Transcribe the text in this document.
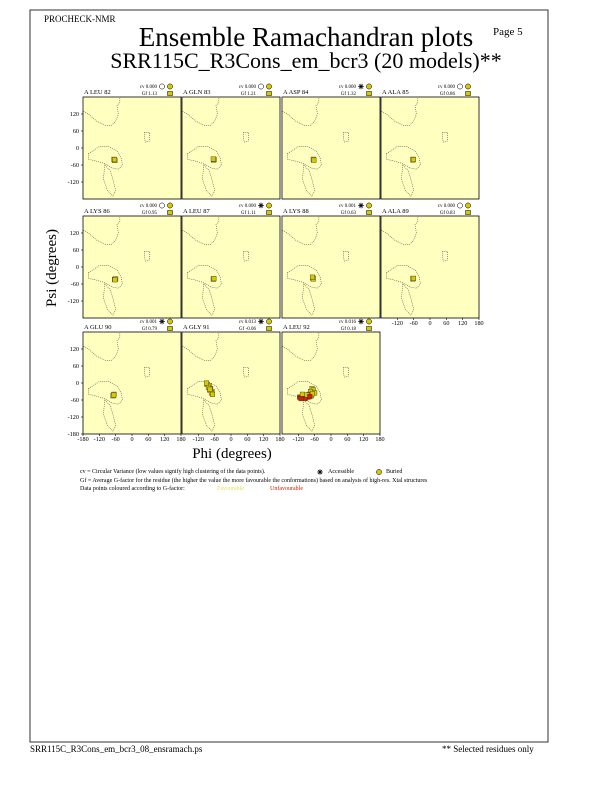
A LEU 82
cv 0.000
Gf 1.13
120
60
0
-60
-120
A GLN 83
cv 0.000
Gf 1.21	A ASP 84
cv 0.000
Gf 1.32	A ALA 85
cv 0.000
Gf 0.86
A LYS 86
cv 0.000
Gf 0.95
120
60
0
-60
-120
A LEU 87
cv 0.000
Gf 1.11	A LYS 88
cv 0.001
Gf 0.63	A ALA 89
cv 0.000
Gf 0.83
-120 -60 0 60 120 180
A GLU 90
cv 0.001
Gf 0.79
120
60
0
-60
-120
-180
-180 -120 -60 0 60 120 180
A GLY 91
cv 0.013
Gf -0.06
-120 -60 0 60 120 180
A LEU 92
cv 0.016
Gf 0.18
-120 -60 0 60 120 180
Phi (degrees)
Psi (degrees)
PROCHECK-NMR
Page 5
Ensemble Ramachandran plots
SRR115C_R3Cons_em_bcr3 (20 models)**
cv = Circular Variance (low values signify high clustering of the data points).	Accessible	Buried
Gf = Average G-factor for the residue (the higher the value the more favourable the conformations) based on analysis of high-res. Xtal structures
Data points coloured according to G-factor:	Favourable	Unfavourable
SRR115C_R3Cons_em_bcr3_08_ensramach.ps	** Selected residues only
